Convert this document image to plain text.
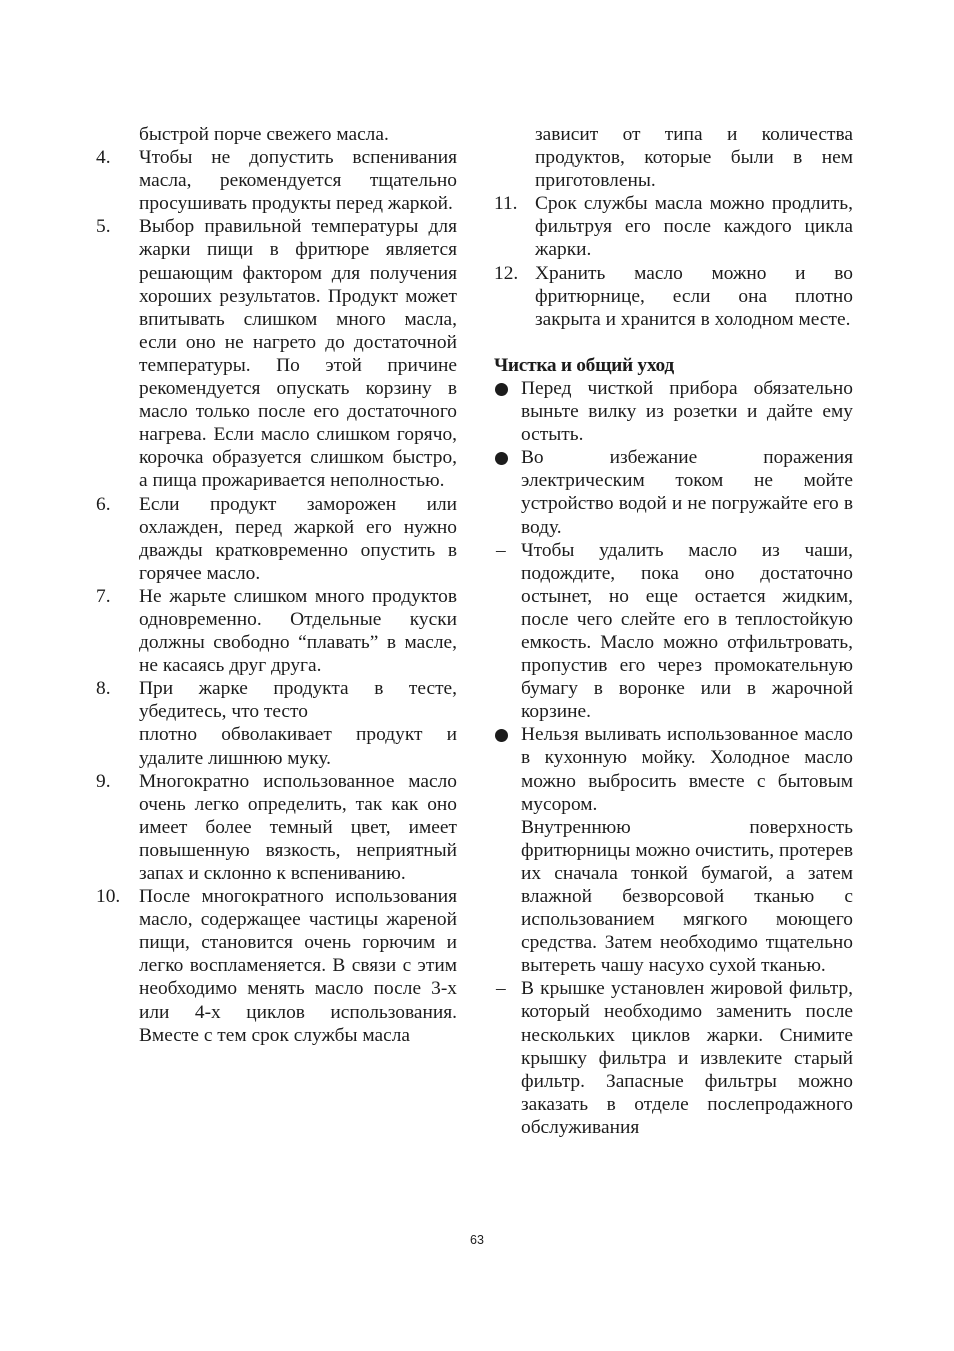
быстрой порче свежего масла.
4. Чтобы не допустить вспенивания масла, рекомендуется тщательно просушивать продукты перед жаркой.
5. Выбор правильной температуры для жарки пищи в фритюре является решающим фактором для получения хороших результатов. Продукт может впитывать слишком много масла, если оно не нагрето до достаточной температуры. По этой причине рекомендуется опускать корзину в масло только после его достаточного нагрева. Если масло слишком горячо, корочка образуется слишком быстро, а пища прожаривается неполностью.
6. Если продукт заморожен или охлажден, перед жаркой его нужно дважды кратковременно опустить в горячее масло.
7. Не жарьте слишком много продуктов одновременно. Отдельные куски должны свободно “плавать” в масле, не касаясь друг друга.
8. При жарке продукта в тесте, убедитесь, что тесто
плотно обволакивает продукт и удалите лишнюю муку.
9. Многократно использованное масло очень легко определить, так как оно имеет более темный цвет, имеет повышенную вязкость, неприятный запах и склонно к вспениванию.
10. После многократного использования масло, содержащее частицы жареной пищи, становится очень горючим и легко воспламеняется. В связи с этим необходимо менять масло после 3-х или 4-х циклов использования. Вместе с тем срок службы масла
зависит от типа и количества продуктов, которые были в нем приготовлены.
11. Срок службы масла можно продлить, фильтруя его после каждого цикла жарки.
12. Хранить масло можно и во фритюрнице, если она плотно закрыта и хранится в холодном месте.
Чистка и общий уход
Перед чисткой прибора обязательно выньте вилку из розетки и дайте ему остыть.
Во избежание поражения электрическим током не мойте устройство водой и не погружайте его в воду.
– Чтобы удалить масло из чаши, подождите, пока оно достаточно остынет, но еще остается жидким, после чего слейте его в теплостойкую емкость. Масло можно отфильтровать, пропустив его через промокательную бумагу в воронке или в жарочной корзине.
Нельзя выливать использованное масло в кухонную мойку. Холодное масло можно выбросить вместе с бытовым мусором.
Внутреннюю поверхность фритюрницы можно очистить, протерев их сначала тонкой бумагой, а затем влажной безворсовой тканью с использованием мягкого моющего средства. Затем необходимо тщательно вытереть чашу насухо сухой тканью.
– В крышке установлен жировой фильтр, который необходимо заменить после нескольких циклов жарки. Снимите крышку фильтра и извлеките старый фильтр. Запасные фильтры можно заказать в отделе послепродажного обслуживания
63
